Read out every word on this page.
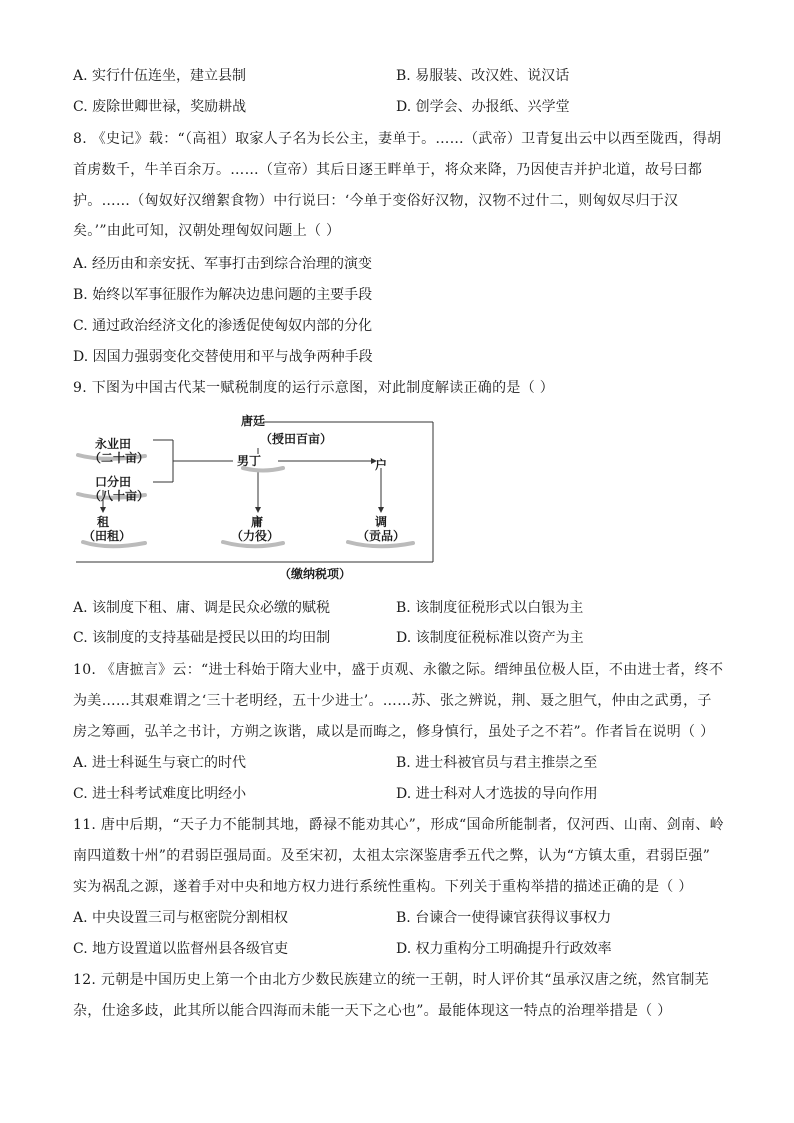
A. 实行什伍连坐，建立县制	B. 易服装、改汉姓、说汉话
C. 废除世卿世禄，奖励耕战	D. 创学会、办报纸、兴学堂
8. 《史记》载：“（高祖）取家人子名为长公主，妻单于。……（武帝）卫青复出云中以西至陇西，得胡
首虏数千，牛羊百余万。……（宣帝）其后日逐王畔单于，将众来降，乃因使吉并护北道，故号曰都
护。……（匈奴好汉缯絮食物）中行说曰：‘今单于变俗好汉物，汉物不过什二，则匈奴尽归于汉
矣。’”由此可知，汉朝处理匈奴问题上（ ）
A. 经历由和亲安抚、军事打击到综合治理的演变
B. 始终以军事征服作为解决边患问题的主要手段
C. 通过政治经济文化的渗透促使匈奴内部的分化
D. 因国力强弱变化交替使用和平与战争两种手段
9. 下图为中国古代某一赋税制度的运行示意图，对此制度解读正确的是（ ）
唐廷
（授田百亩）
永业田
（二十亩）
口分田
（八十亩）
男丁	户
租
（田租）
庸
（力役）
调
（贡品）
（缴纳税项）
A. 该制度下租、庸、调是民众必缴的赋税	B. 该制度征税形式以白银为主
C. 该制度的支持基础是授民以田的均田制	D. 该制度征税标准以资产为主
10. 《唐摭言》云：“进士科始于隋大业中，盛于贞观、永徽之际。缙绅虽位极人臣，不由进士者，终不
为美……其艰难谓之‘三十老明经，五十少进士’。……苏、张之辨说，荆、聂之胆气，仲由之武勇，子
房之筹画，弘羊之书计，方朔之诙谐，咸以是而晦之，修身慎行，虽处子之不若”。作者旨在说明（ ）
A. 进士科诞生与衰亡的时代	B. 进士科被官员与君主推崇之至
C. 进士科考试难度比明经小	D. 进士科对人才选拔的导向作用
11. 唐中后期，“天子力不能制其地，爵禄不能劝其心”，形成“国命所能制者，仅河西、山南、剑南、岭
南四道数十州”的君弱臣强局面。及至宋初，太祖太宗深鉴唐季五代之弊，认为“方镇太重，君弱臣强”
实为祸乱之源，遂着手对中央和地方权力进行系统性重构。下列关于重构举措的描述正确的是（ ）
A. 中央设置三司与枢密院分割相权	B. 台谏合一使得谏官获得议事权力
C. 地方设置道以监督州县各级官吏	D. 权力重构分工明确提升行政效率
12. 元朝是中国历史上第一个由北方少数民族建立的统一王朝，时人评价其“虽承汉唐之统，然官制芜
杂，仕途多歧，此其所以能合四海而未能一天下之心也”。最能体现这一特点的治理举措是（ ）
